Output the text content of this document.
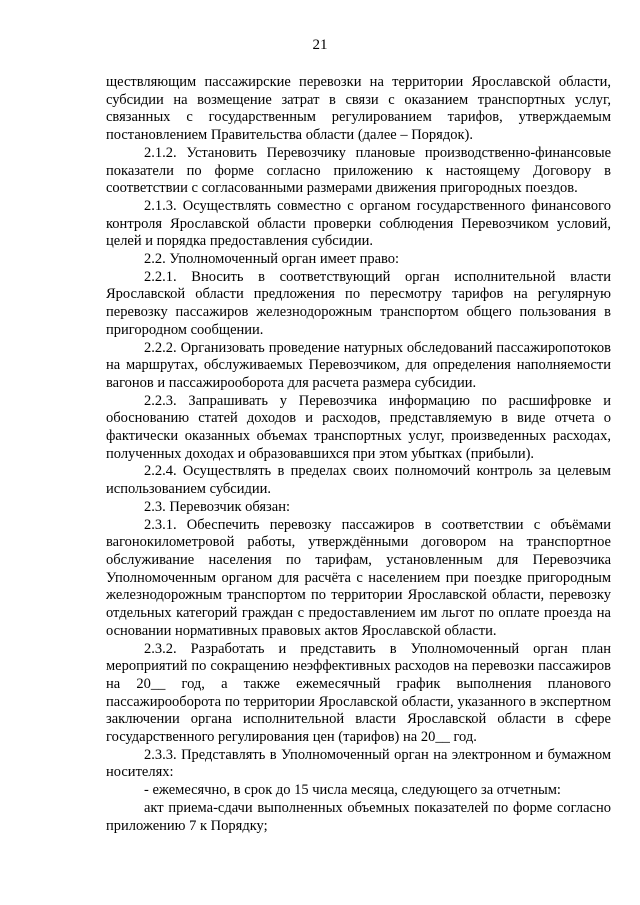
21

ществляющим пассажирские перевозки на территории Ярославской области, субсидии на возмещение затрат в связи с оказанием транспортных услуг, связанных с государственным регулированием тарифов, утверждаемым постановлением Правительства области (далее – Порядок).

2.1.2. Установить Перевозчику плановые производственно-финансовые показатели по форме согласно приложению к настоящему Договору в соответствии с согласованными размерами движения пригородных поездов.

2.1.3. Осуществлять совместно с органом государственного финансового контроля Ярославской области проверки соблюдения Перевозчиком условий, целей и порядка предоставления субсидии.

2.2. Уполномоченный орган имеет право:

2.2.1. Вносить в соответствующий орган исполнительной власти Ярославской области предложения по пересмотру тарифов на регулярную перевозку пассажиров железнодорожным транспортом общего пользования в пригородном сообщении.

2.2.2. Организовать проведение натурных обследований пассажиропотоков на маршрутах, обслуживаемых Перевозчиком, для определения наполняемости вагонов и пассажирооборота для расчета размера субсидии.

2.2.3. Запрашивать у Перевозчика информацию по расшифровке и обоснованию статей доходов и расходов, представляемую в виде отчета о фактически оказанных объемах транспортных услуг, произведенных расходах, полученных доходах и образовавшихся при этом убытках (прибыли).

2.2.4. Осуществлять в пределах своих полномочий контроль за целевым использованием субсидии.

2.3. Перевозчик обязан:

2.3.1. Обеспечить перевозку пассажиров в соответствии с объёмами вагонокилометровой работы, утверждёнными договором на транспортное обслуживание населения по тарифам, установленным для Перевозчика Уполномоченным органом для расчёта с населением при поездке пригородным железнодорожным транспортом по территории Ярославской области, перевозку отдельных категорий граждан с предоставлением им льгот по оплате проезда на основании нормативных правовых актов Ярославской области.

2.3.2. Разработать и представить в Уполномоченный орган план мероприятий по сокращению неэффективных расходов на перевозки пассажиров на 20__ год, а также ежемесячный график выполнения планового пассажирооборота по территории Ярославской области, указанного в экспертном заключении органа исполнительной власти Ярославской области в сфере государственного регулирования цен (тарифов) на 20__ год.

2.3.3. Представлять в Уполномоченный орган на электронном и бумажном носителях:

- ежемесячно, в срок до 15 числа месяца, следующего за отчетным:

акт приема-сдачи выполненных объемных показателей по форме согласно приложению 7 к Порядку;
